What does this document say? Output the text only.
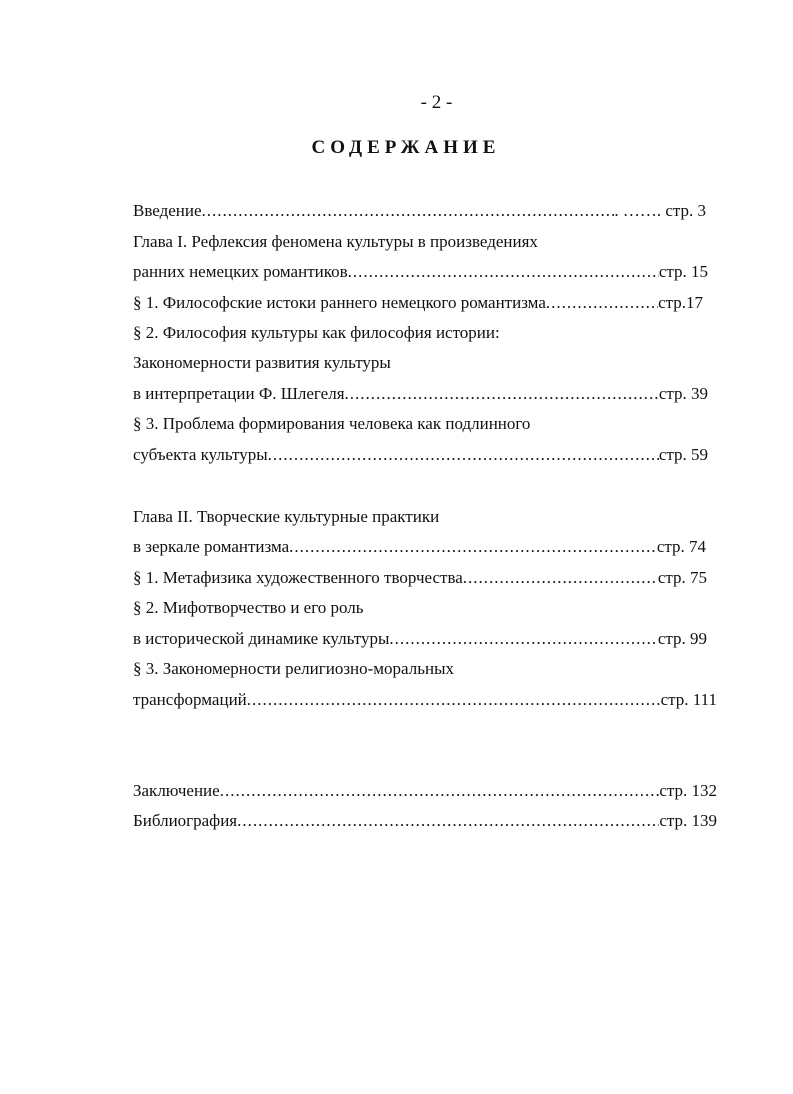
- 2 -
СОДЕРЖАНИЕ
Введение .....	. ……. стр. 3
Глава I. Рефлексия феномена культуры в произведениях
ранних немецких романтиков .....	стр. 15
§ 1. Философские истоки раннего немецкого романтизма .....	стр.17
§ 2. Философия культуры как философия истории:
Закономерности развития культуры
в интерпретации Ф. Шлегеля .....	стр. 39
§ 3. Проблема формирования человека как подлинного
субъекта культуры .....	стр. 59
Глава II. Творческие культурные практики
в зеркале романтизма .....	стр. 74
§ 1. Метафизика художественного творчества .....	стр. 75
§ 2. Мифотворчество и его роль
в исторической динамике культуры .....	стр. 99
§ 3. Закономерности религиозно-моральных
трансформаций .....	стр. 111
Заключение .....	стр. 132
Библиография .....	стр. 139
